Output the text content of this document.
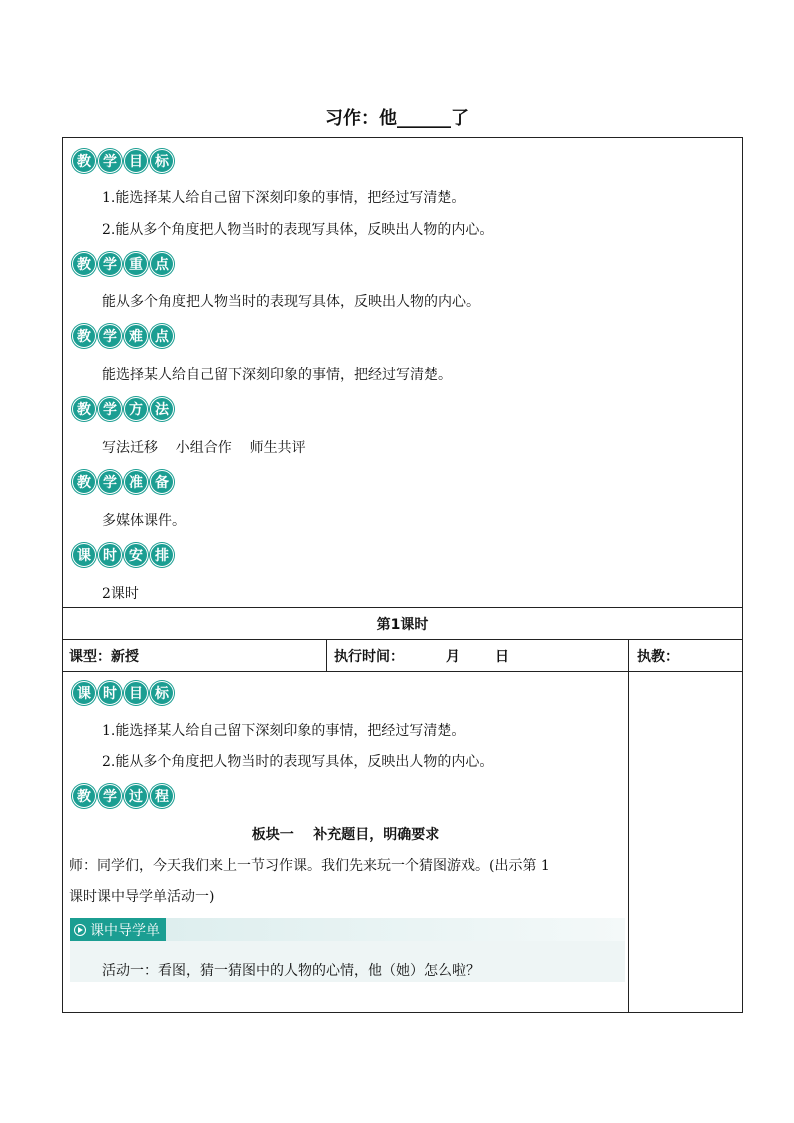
习作：他______了
教 学 目 标
1.能选择某人给自己留下深刻印象的事情，把经过写清楚。
2.能从多个角度把人物当时的表现写具体，反映出人物的内心。
教 学 重 点
能从多个角度把人物当时的表现写具体，反映出人物的内心。
教 学 难 点
能选择某人给自己留下深刻印象的事情，把经过写清楚。
教 学 方 法
写法迁移    小组合作    师生共评
教 学 准 备
多媒体课件。
课 时 安 排
2课时
第1课时
课型：新授	执行时间：	月	日	执教：
课 时 目 标
1.能选择某人给自己留下深刻印象的事情，把经过写清楚。
2.能从多个角度把人物当时的表现写具体，反映出人物的内心。
教 学 过 程
板块一    补充题目，明确要求
师：同学们，今天我们来上一节习作课。我们先来玩一个猜图游戏。(出示第 1
课时课中导学单活动一)
课中导学单
活动一：看图，猜一猜图中的人物的心情，他（她）怎么啦？
